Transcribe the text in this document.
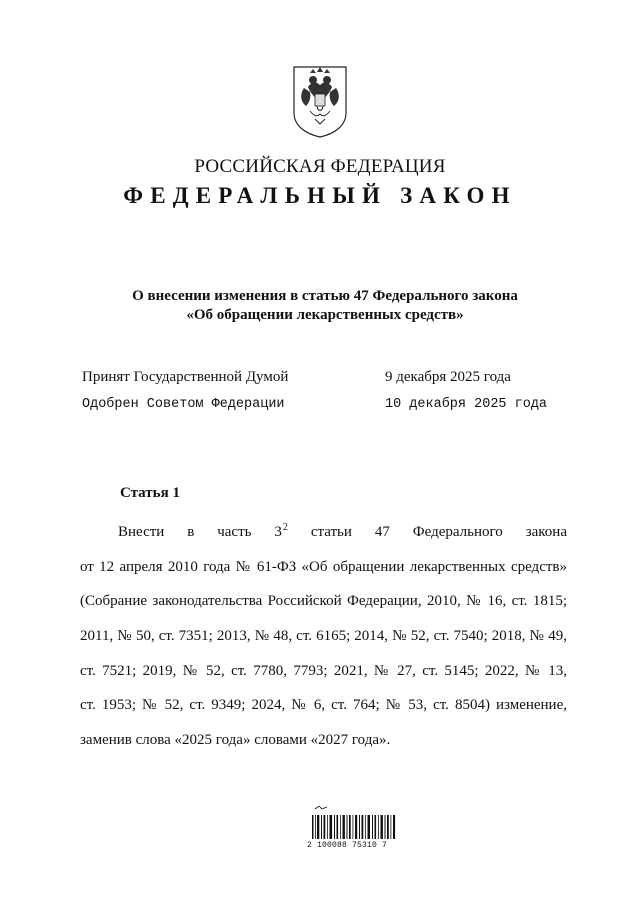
РОССИЙСКАЯ ФЕДЕРАЦИЯ
ФЕДЕРАЛЬНЫЙ ЗАКОН
О внесении изменения в статью 47 Федерального закона
«Об обращении лекарственных средств»
Принят Государственной Думой	9 декабря 2025 года
Одобрен Советом Федерации	10 декабря 2025 года
Статья 1
Внести в часть $3^2$ статьи 47 Федерального закона
от 12 апреля 2010 года № 61-ФЗ «Об обращении лекарственных средств»
(Собрание законодательства Российской Федерации, 2010, № 16, ст. 1815;
2011, № 50, ст. 7351; 2013, № 48, ст. 6165; 2014, № 52, ст. 7540; 2018, № 49,
ст. 7521; 2019, № 52, ст. 7780, 7793; 2021, № 27, ст. 5145; 2022, № 13,
ст. 1953; № 52, ст. 9349; 2024, № 6, ст. 764; № 53, ст. 8504) изменение,
заменив слова «2025 года» словами «2027 года».
2 100088 75310 7
